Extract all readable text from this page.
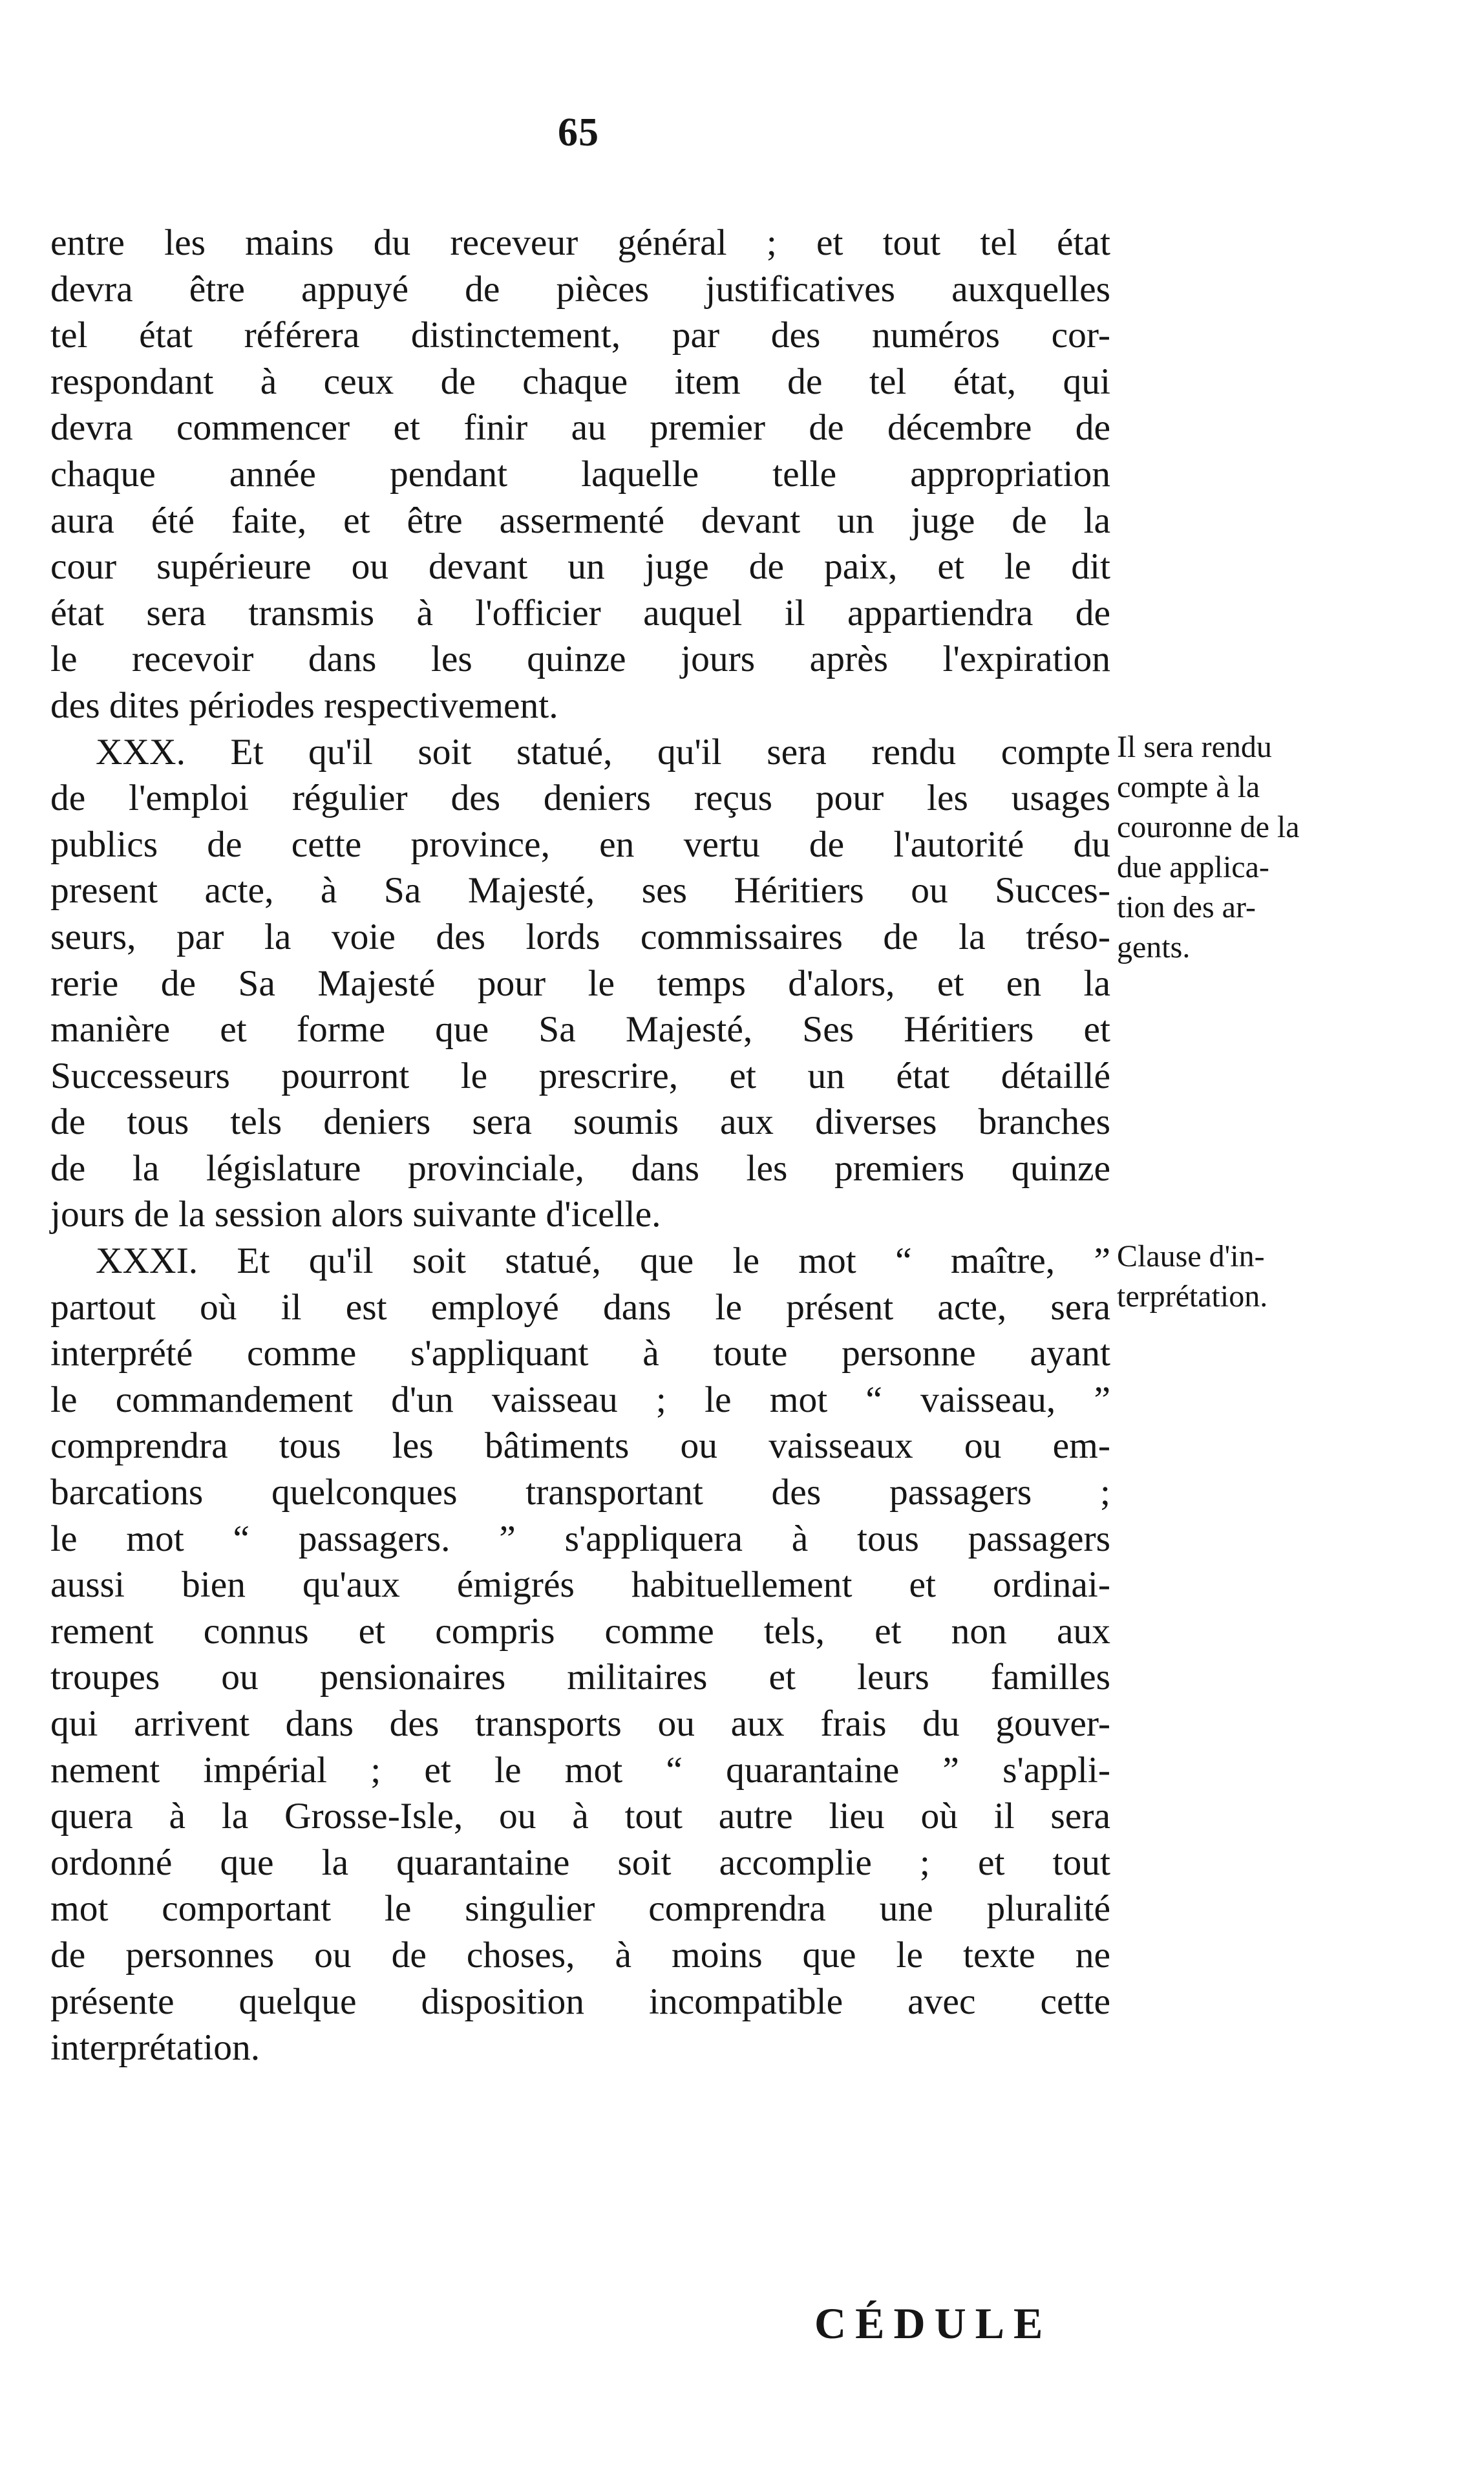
65
entre les mains du receveur général ; et tout tel état
devra être appuyé de pièces justificatives auxquelles
tel état référera distinctement, par des numéros cor-
respondant à ceux de chaque item de tel état, qui
devra commencer et finir au premier de décembre de
chaque année pendant laquelle telle appropriation
aura été faite, et être assermenté devant un juge de la
cour supérieure ou devant un juge de paix, et le dit
état sera transmis à l'officier auquel il appartiendra de
le recevoir dans les quinze jours après l'expiration
des dites périodes respectivement.
XXX. Et qu'il soit statué, qu'il sera rendu compte
de l'emploi régulier des deniers reçus pour les usages
publics de cette province, en vertu de l'autorité du
present acte, à Sa Majesté, ses Héritiers ou Succes-
seurs, par la voie des lords commissaires de la tréso-
rerie de Sa Majesté pour le temps d'alors, et en la
manière et forme que Sa Majesté, Ses Héritiers et
Successeurs pourront le prescrire, et un état détaillé
de tous tels deniers sera soumis aux diverses branches
de la législature provinciale, dans les premiers quinze
jours de la session alors suivante d'icelle.
XXXI. Et qu'il soit statué, que le mot “ maître, ”
partout où il est employé dans le présent acte, sera
interprété comme s'appliquant à toute personne ayant
le commandement d'un vaisseau ; le mot “ vaisseau, ”
comprendra tous les bâtiments ou vaisseaux ou em-
barcations quelconques transportant des passagers ;
le mot “ passagers. ” s'appliquera à tous passagers
aussi bien qu'aux émigrés habituellement et ordinai-
rement connus et compris comme tels, et non aux
troupes ou pensionaires militaires et leurs familles
qui arrivent dans des transports ou aux frais du gouver-
nement impérial ; et le mot “ quarantaine ” s'appli-
quera à la Grosse-Isle, ou à tout autre lieu où il sera
ordonné que la quarantaine soit accomplie ; et tout
mot comportant le singulier comprendra une pluralité
de personnes ou de choses, à moins que le texte ne
présente quelque disposition incompatible avec cette
interprétation.
Il sera rendu
compte à la
couronne de la
due applica-
tion des ar-
gents.
Clause d'in-
terprétation.
CÉDULE
